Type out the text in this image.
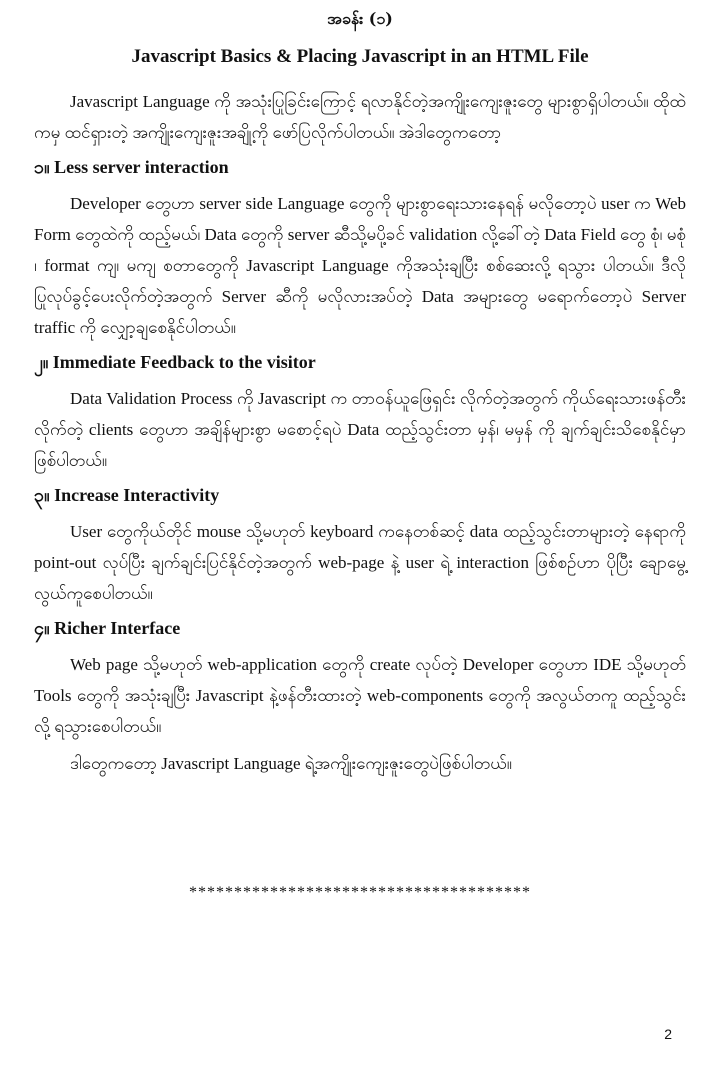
အခန်း (၁)
Javascript Basics & Placing Javascript in an HTML File

Javascript Language ကို အသုံးပြုခြင်းကြောင့် ရလာနိုင်တဲ့အကျိုးကျေးဇူးတွေ များစွာရှိပါတယ်။ ထိုထဲကမှ ထင်ရှားတဲ့ အကျိုးကျေးဇူးအချို့ကို ဖော်ပြလိုက်ပါတယ်။ အဲဒါတွေကတော့

၁။ Less server interaction

Developer တွေဟာ server side Language တွေကို များစွာရေးသားနေရန် မလိုတော့ပဲ user က Web Form တွေထဲကို ထည့်မယ်၊ Data တွေကို server ဆီသို့မပို့ခင် validation လို့ခေါ်တဲ့ Data Field တွေ စုံ၊ မစုံ ၊ format ကျ၊ မကျ စတာတွေကို Javascript Language ကိုအသုံးချပြီး စစ်ဆေးလို့ ရသွား ပါတယ်။ ဒီလိုပြုလုပ်ခွင့်ပေးလိုက်တဲ့အတွက် Server ဆီကို မလိုလားအပ်တဲ့ Data အများတွေ မရောက်တော့ပဲ Server traffic ကို လျှော့ချစေနိုင်ပါတယ်။

၂။ Immediate Feedback to the visitor

Data Validation Process ကို Javascript က တာဝန်ယူဖြေရှင်း လိုက်တဲ့အတွက် ကိုယ်ရေးသားဖန်တီးလိုက်တဲ့ clients တွေဟာ အချိန်များစွာ မစောင့်ရပဲ Data ထည့်သွင်းတာ မှန်၊ မမှန် ကို ချက်ချင်းသိစေနိုင်မှာဖြစ်ပါတယ်။

၃။ Increase Interactivity

User တွေကိုယ်တိုင် mouse သို့မဟုတ် keyboard ကနေတစ်ဆင့် data ထည့်သွင်းတာများတဲ့ နေရာကို point-out လုပ်ပြီး ချက်ချင်းပြင်နိုင်တဲ့အတွက် web-page နဲ့ user ရဲ့ interaction ဖြစ်စဉ်ဟာ ပိုပြီး ချောမွေ့လွယ်ကူစေပါတယ်။

၄။ Richer Interface

Web page သို့မဟုတ် web-application တွေကို create လုပ်တဲ့ Developer တွေဟာ IDE သို့မဟုတ် Tools တွေကို အသုံးချပြီး Javascript နဲ့ဖန်တီးထားတဲ့ web-components တွေကို အလွယ်တကူ ထည့်သွင်းလို့ ရသွားစေပါတယ်။

ဒါတွေကတော့ Javascript Language ရဲ့အကျိုးကျေးဇူးတွေပဲဖြစ်ပါတယ်။

**************************************
2
